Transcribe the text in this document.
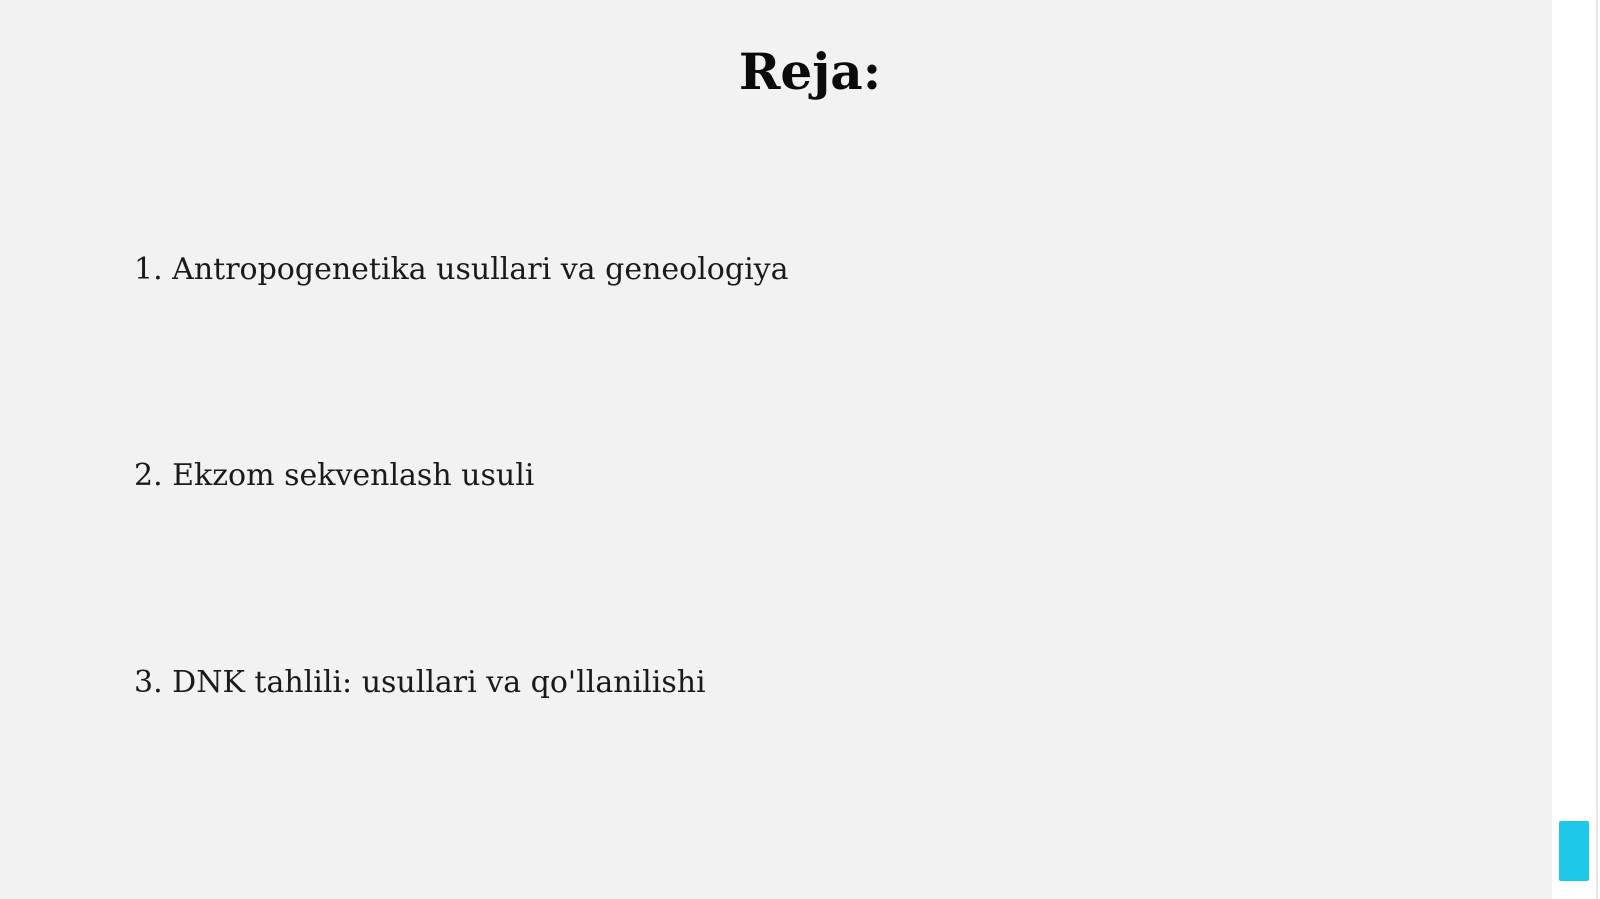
Reja:
1. Antropogenetika usullari va geneologiya
2. Ekzom sekvenlash usuli
3. DNK tahlili: usullari va qo'llanilishi
